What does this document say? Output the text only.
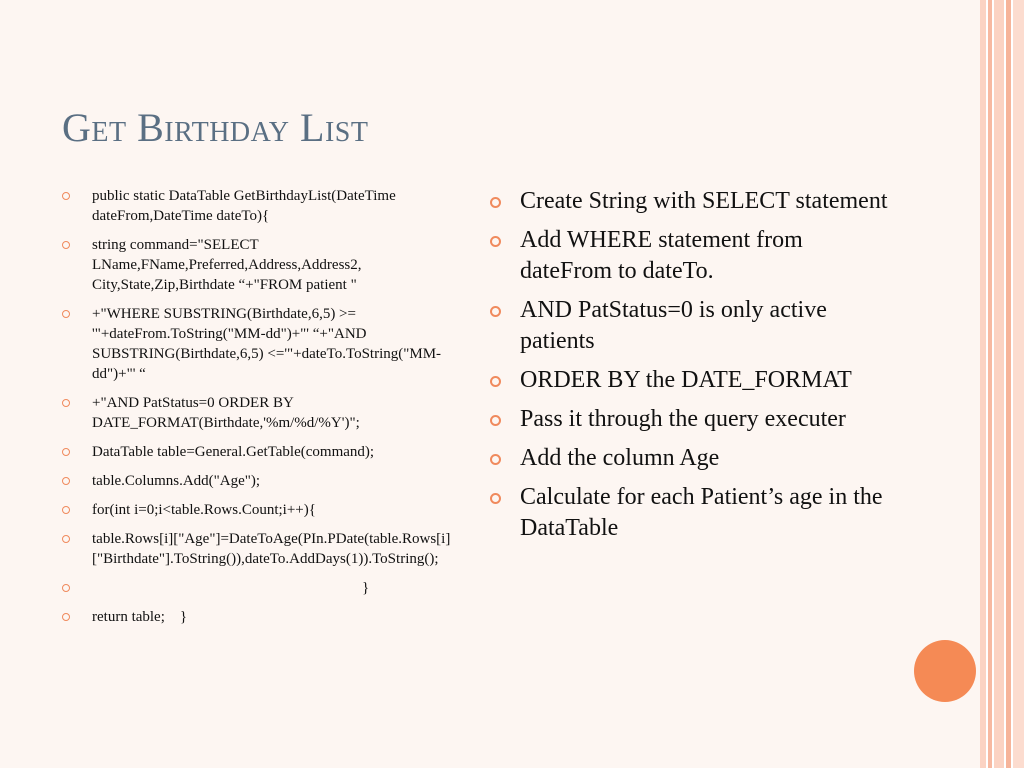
Get Birthday List
public static DataTable GetBirthdayList(DateTime dateFrom,DateTime dateTo){
string command="SELECT LName,FName,Preferred,Address,Address2, City,State,Zip,Birthdate “+"FROM patient "
+"WHERE SUBSTRING(Birthdate,6,5) >= '"+dateFrom.ToString("MM-dd")+"' “+"AND SUBSTRING(Birthdate,6,5) <='"+dateTo.ToString("MM-dd")+"' “
+"AND PatStatus=0 ORDER BY DATE_FORMAT(Birthdate,'%m/%d/%Y')";
DataTable table=General.GetTable(command);
table.Columns.Add("Age");
for(int i=0;i<table.Rows.Count;i++){
table.Rows[i]["Age"]=DateToAge(PIn.PDate(table.Rows[i]["Birthdate"].ToString()),dateTo.AddDays(1)).ToString();
}
return table;    }
Create String with SELECT statement
Add WHERE statement from dateFrom to dateTo.
AND PatStatus=0 is only active patients
ORDER BY the DATE_FORMAT
Pass it through the query executer
Add the column Age
Calculate for each Patient’s age in the DataTable
